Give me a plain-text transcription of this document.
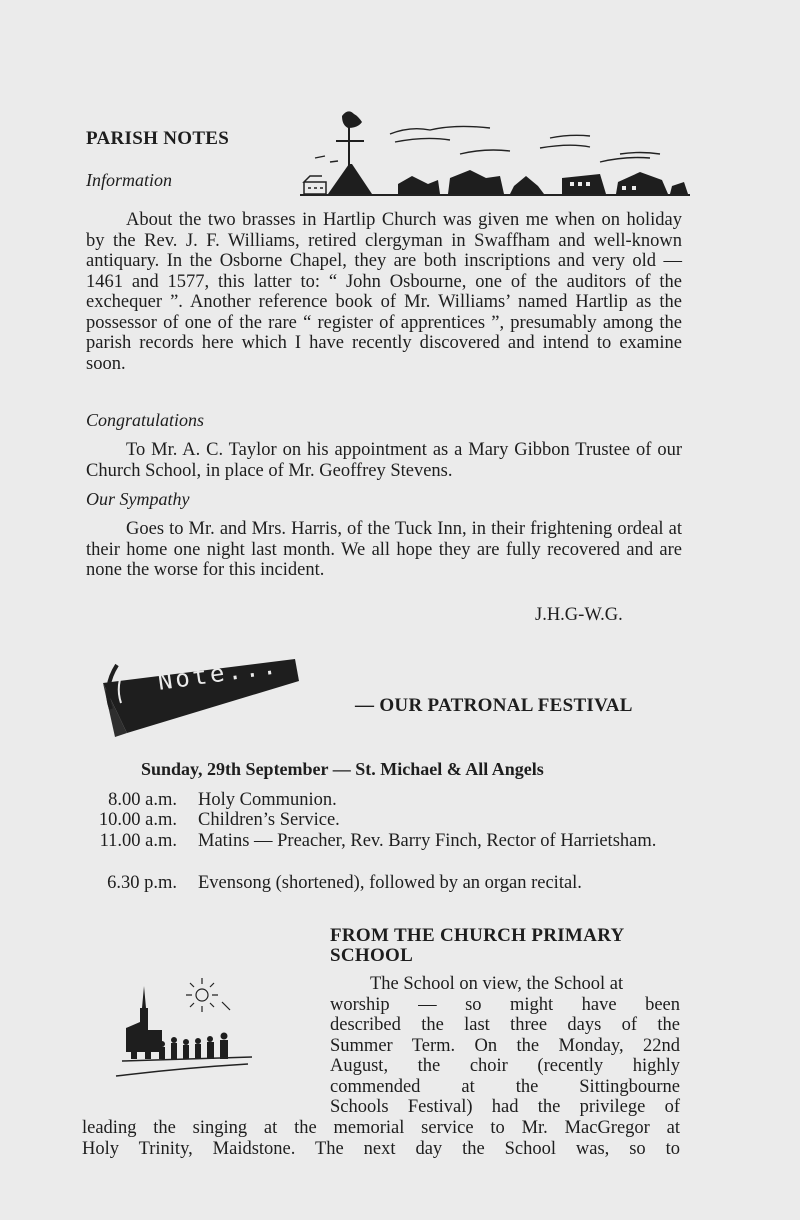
PARISH NOTES
Information
About the two brasses in Hartlip Church was given me when on holiday by the Rev. J. F. Williams, retired clergyman in Swaffham and well-known antiquary. In the Osborne Chapel, they are both inscriptions and very old — 1461 and 1577, this latter to: “ John Osbourne, one of the auditors of the exchequer ”. Another reference book of Mr. Williams’ named Hartlip as the possessor of one of the rare “ register of apprentices ”, presumably among the parish records here which I have recently discovered and intend to examine soon.
Congratulations
To Mr. A. C. Taylor on his appointment as a Mary Gibbon Trustee of our Church School, in place of Mr. Geoffrey Stevens.
Our Sympathy
Goes to Mr. and Mrs. Harris, of the Tuck Inn, in their frightening ordeal at their home one night last month. We all hope they are fully recovered and are none the worse for this incident.
J.H.G-W.G.
Note...
— OUR PATRONAL FESTIVAL
Sunday, 29th September — St. Michael & All Angels
8.00 a.m. Holy Communion.
10.00 a.m. Children’s Service.
11.00 a.m. Matins — Preacher, Rev. Barry Finch, Rector of Harrietsham.
6.30 p.m. Evensong (shortened), followed by an organ recital.
FROM THE CHURCH PRIMARY
SCHOOL
The School on view, the School at
worship — so might have been
described the last three days of the
Summer Term. On the Monday, 22nd
August, the choir (recently highly
commended at the Sittingbourne
Schools Festival) had the privilege of
leading the singing at the memorial service to Mr. MacGregor at
Holy Trinity, Maidstone. The next day the School was, so to
